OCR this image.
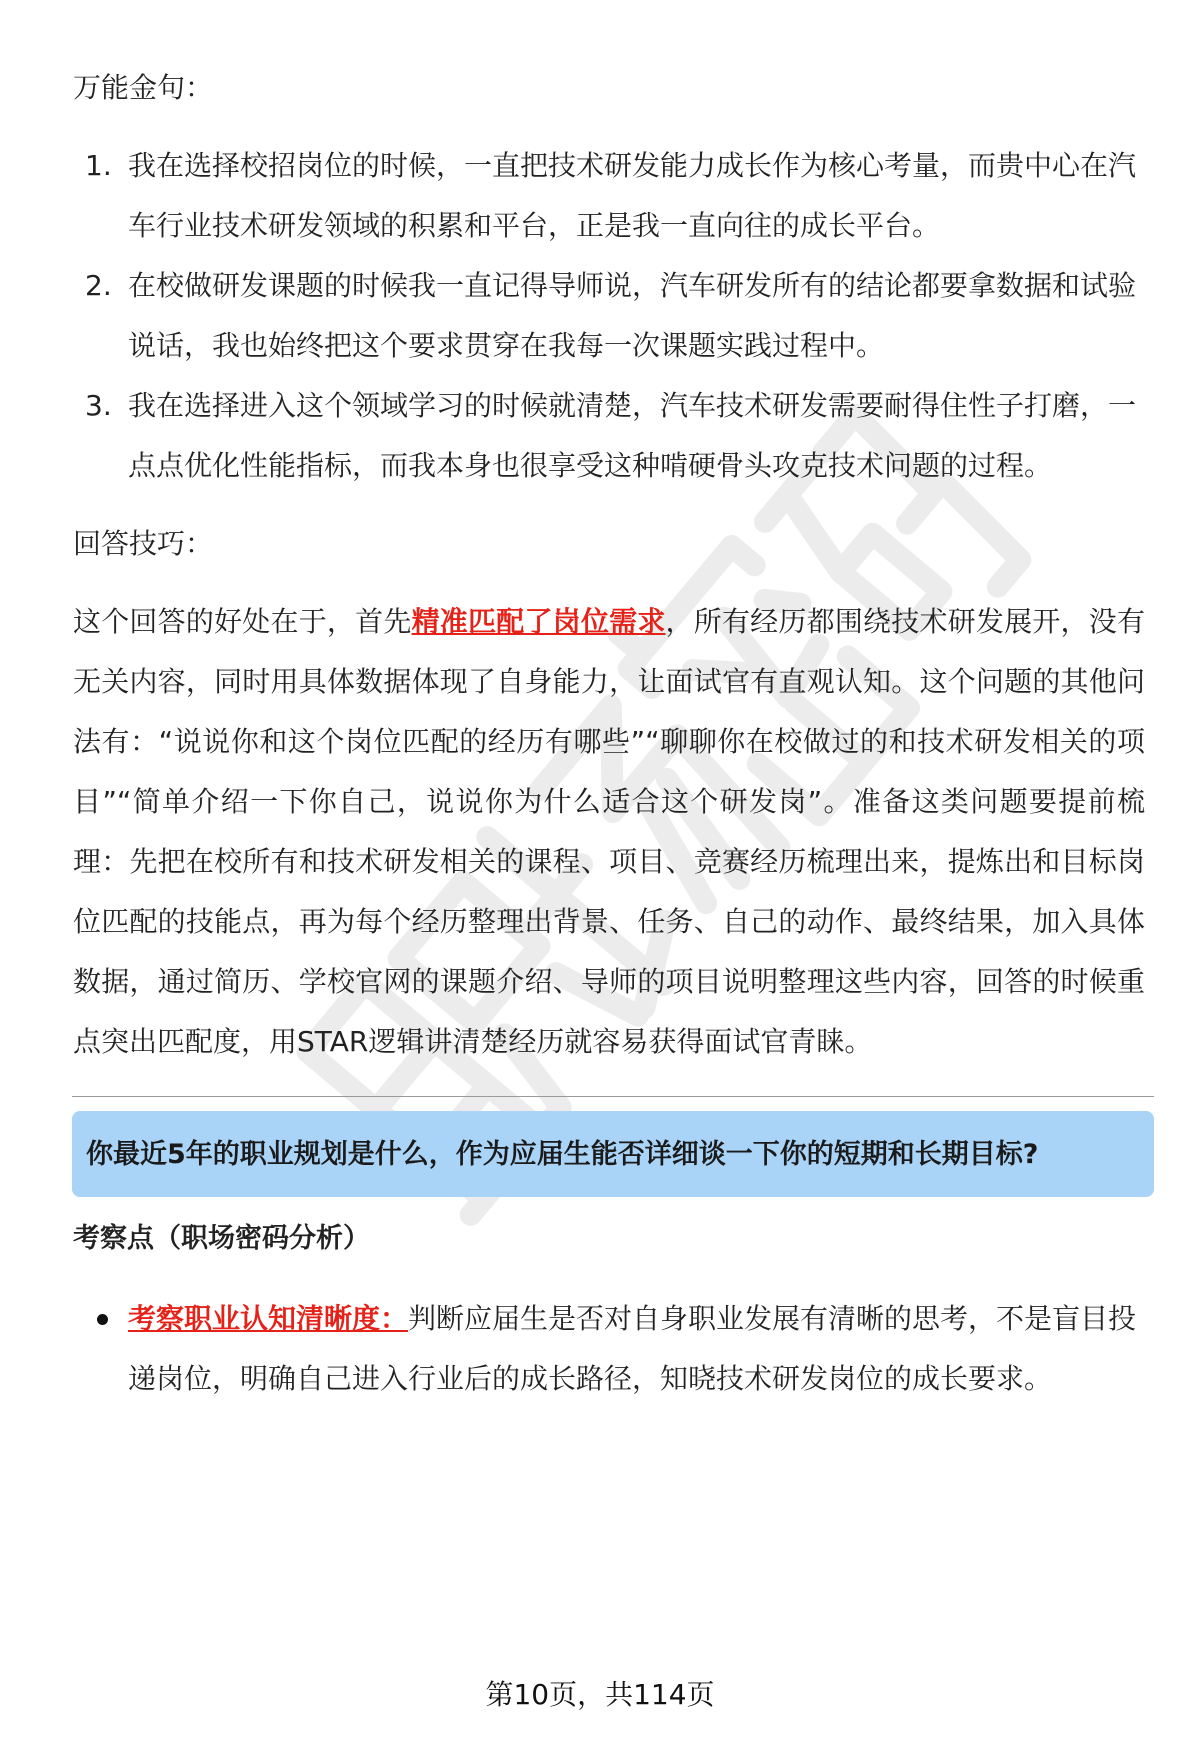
万能金句：

1. 我在选择校招岗位的时候，一直把技术研发能力成长作为核心考量，而贵中心在汽车行业技术研发领域的积累和平台，正是我一直向往的成长平台。
2. 在校做研发课题的时候我一直记得导师说，汽车研发所有的结论都要拿数据和试验说话，我也始终把这个要求贯穿在我每一次课题实践过程中。
3. 我在选择进入这个领域学习的时候就清楚，汽车技术研发需要耐得住性子打磨，一点点优化性能指标，而我本身也很享受这种啃硬骨头攻克技术问题的过程。

回答技巧：

这个回答的好处在于，首先精准匹配了岗位需求，所有经历都围绕技术研发展开，没有无关内容，同时用具体数据体现了自身能力，让面试官有直观认知。这个问题的其他问法有：“说说你和这个岗位匹配的经历有哪些”“聊聊你在校做过的和技术研发相关的项目”“简单介绍一下你自己，说说你为什么适合这个研发岗”。准备这类问题要提前梳理：先把在校所有和技术研发相关的课程、项目、竞赛经历梳理出来，提炼出和目标岗位匹配的技能点，再为每个经历整理出背景、任务、自己的动作、最终结果，加入具体数据，通过简历、学校官网的课题介绍、导师的项目说明整理这些内容，回答的时候重点突出匹配度，用STAR逻辑讲清楚经历就容易获得面试官青睐。

你最近5年的职业规划是什么，作为应届生能否详细谈一下你的短期和长期目标?

考察点（职场密码分析）

考察职业认知清晰度：判断应届生是否对自身职业发展有清晰的思考，不是盲目投递岗位，明确自己进入行业后的成长路径，知晓技术研发岗位的成长要求。
第10页，共114页
